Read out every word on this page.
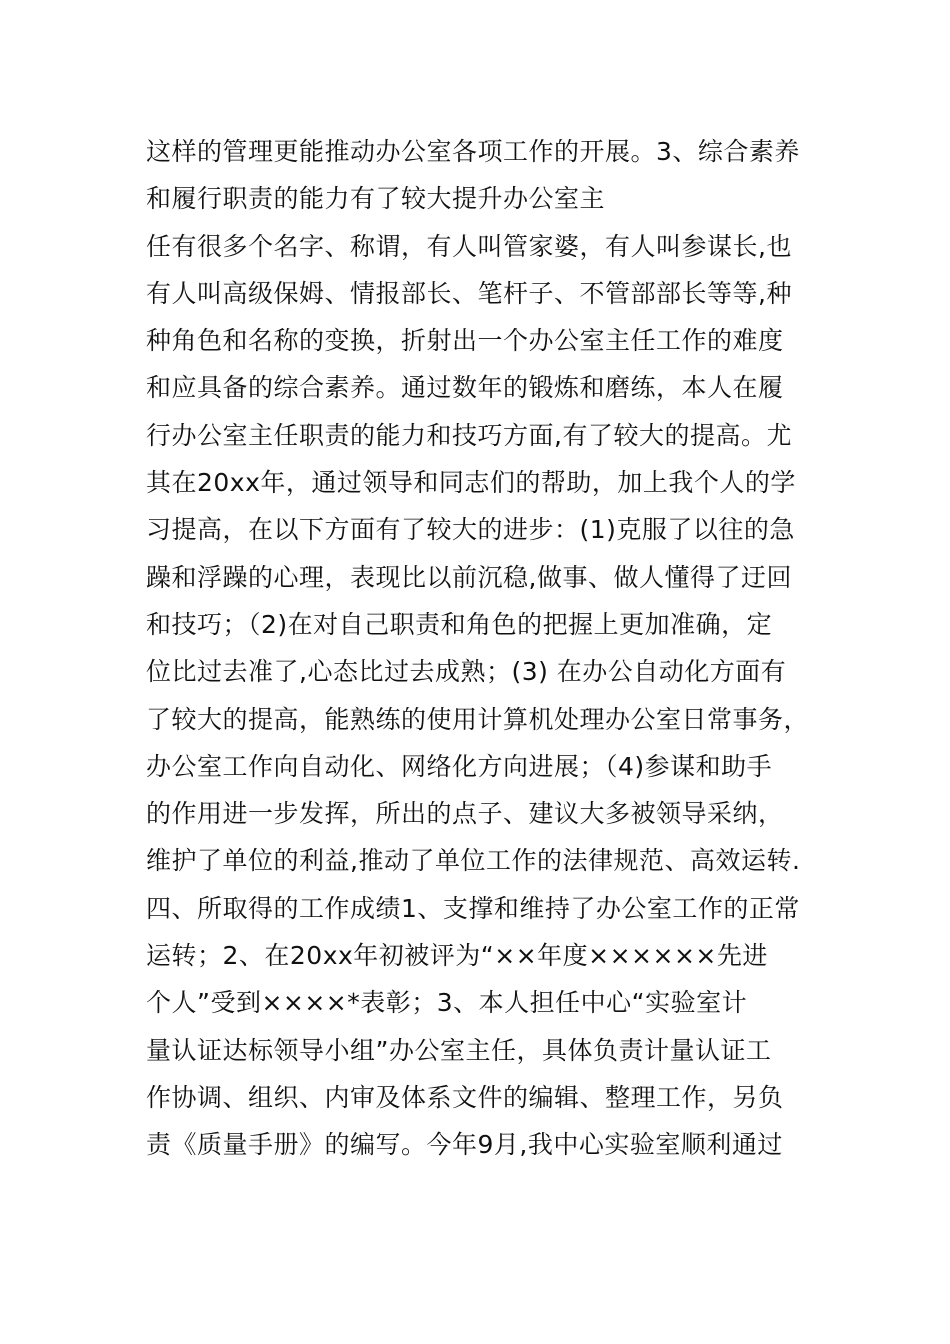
这样的管理更能推动办公室各项工作的开展。3、综合素养
和履行职责的能力有了较大提升办公室主
任有很多个名字、称谓，有人叫管家婆，有人叫参谋长,也
有人叫高级保姆、情报部长、笔杆子、不管部部长等等,种
种角色和名称的变换，折射出一个办公室主任工作的难度
和应具备的综合素养。通过数年的锻炼和磨练，本人在履
行办公室主任职责的能力和技巧方面,有了较大的提高。尤
其在20xx年，通过领导和同志们的帮助，加上我个人的学
习提高，在以下方面有了较大的进步：(1)克服了以往的急
躁和浮躁的心理，表现比以前沉稳,做事、做人懂得了迂回
和技巧；（2)在对自己职责和角色的把握上更加准确，定
位比过去准了,心态比过去成熟；(3) 在办公自动化方面有
了较大的提高，能熟练的使用计算机处理办公室日常事务，
办公室工作向自动化、网络化方向进展；（4)参谋和助手
的作用进一步发挥，所出的点子、建议大多被领导采纳，
维护了单位的利益,推动了单位工作的法律规范、高效运转.
四、所取得的工作成绩1、支撑和维持了办公室工作的正常
运转；2、在20xx年初被评为“××年度××××××先进
个人”受到××××*表彰；3、本人担任中心“实验室计
量认证达标领导小组”办公室主任，具体负责计量认证工
作协调、组织、内审及体系文件的编辑、整理工作，另负
责《质量手册》的编写。今年9月,我中心实验室顺利通过
